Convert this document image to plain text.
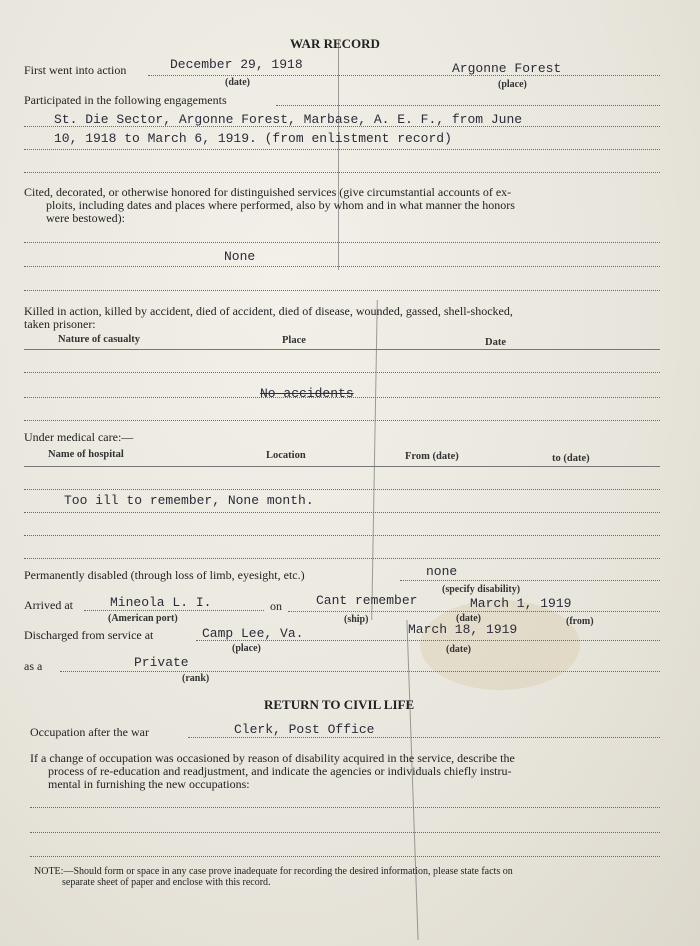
WAR RECORD
First went into action	December 29, 1918	Argonne Forest
(date)	(place)
Participated in the following engagements
St. Die Sector, Argonne Forest, Marbase, A. E. F., from June
10, 1918 to March 6, 1919. (from enlistment record)
Cited, decorated, or otherwise honored for distinguished services (give circumstantial accounts of ex-
ploits, including dates and places where performed, also by whom and in what manner the honors
were bestowed):
None
Killed in action, killed by accident, died of accident, died of disease, wounded, gassed, shell-shocked,
taken prisoner:
Nature of casualty	Place	Date
No accidents
Under medical care:—
Name of hospital	Location	From (date)	to (date)
Too ill to remember, None month.
Permanently disabled (through loss of limb, eyesight, etc.)	none
(specify disability)
Arrived at	Mineola L. I.	on	Cant remember	March 1, 1919
(American port)	(ship)	(date)	(from)
Discharged from service at	Camp Lee, Va.	March 18, 1919
(place)	(date)
as a	Private
(rank)
RETURN TO CIVIL LIFE
Occupation after the war	Clerk, Post Office
If a change of occupation was occasioned by reason of disability acquired in the service, describe the
process of re-education and readjustment, and indicate the agencies or individuals chiefly instru-
mental in furnishing the new occupations:
NOTE:—Should form or space in any case prove inadequate for recording the desired information, please state facts on
separate sheet of paper and enclose with this record.
